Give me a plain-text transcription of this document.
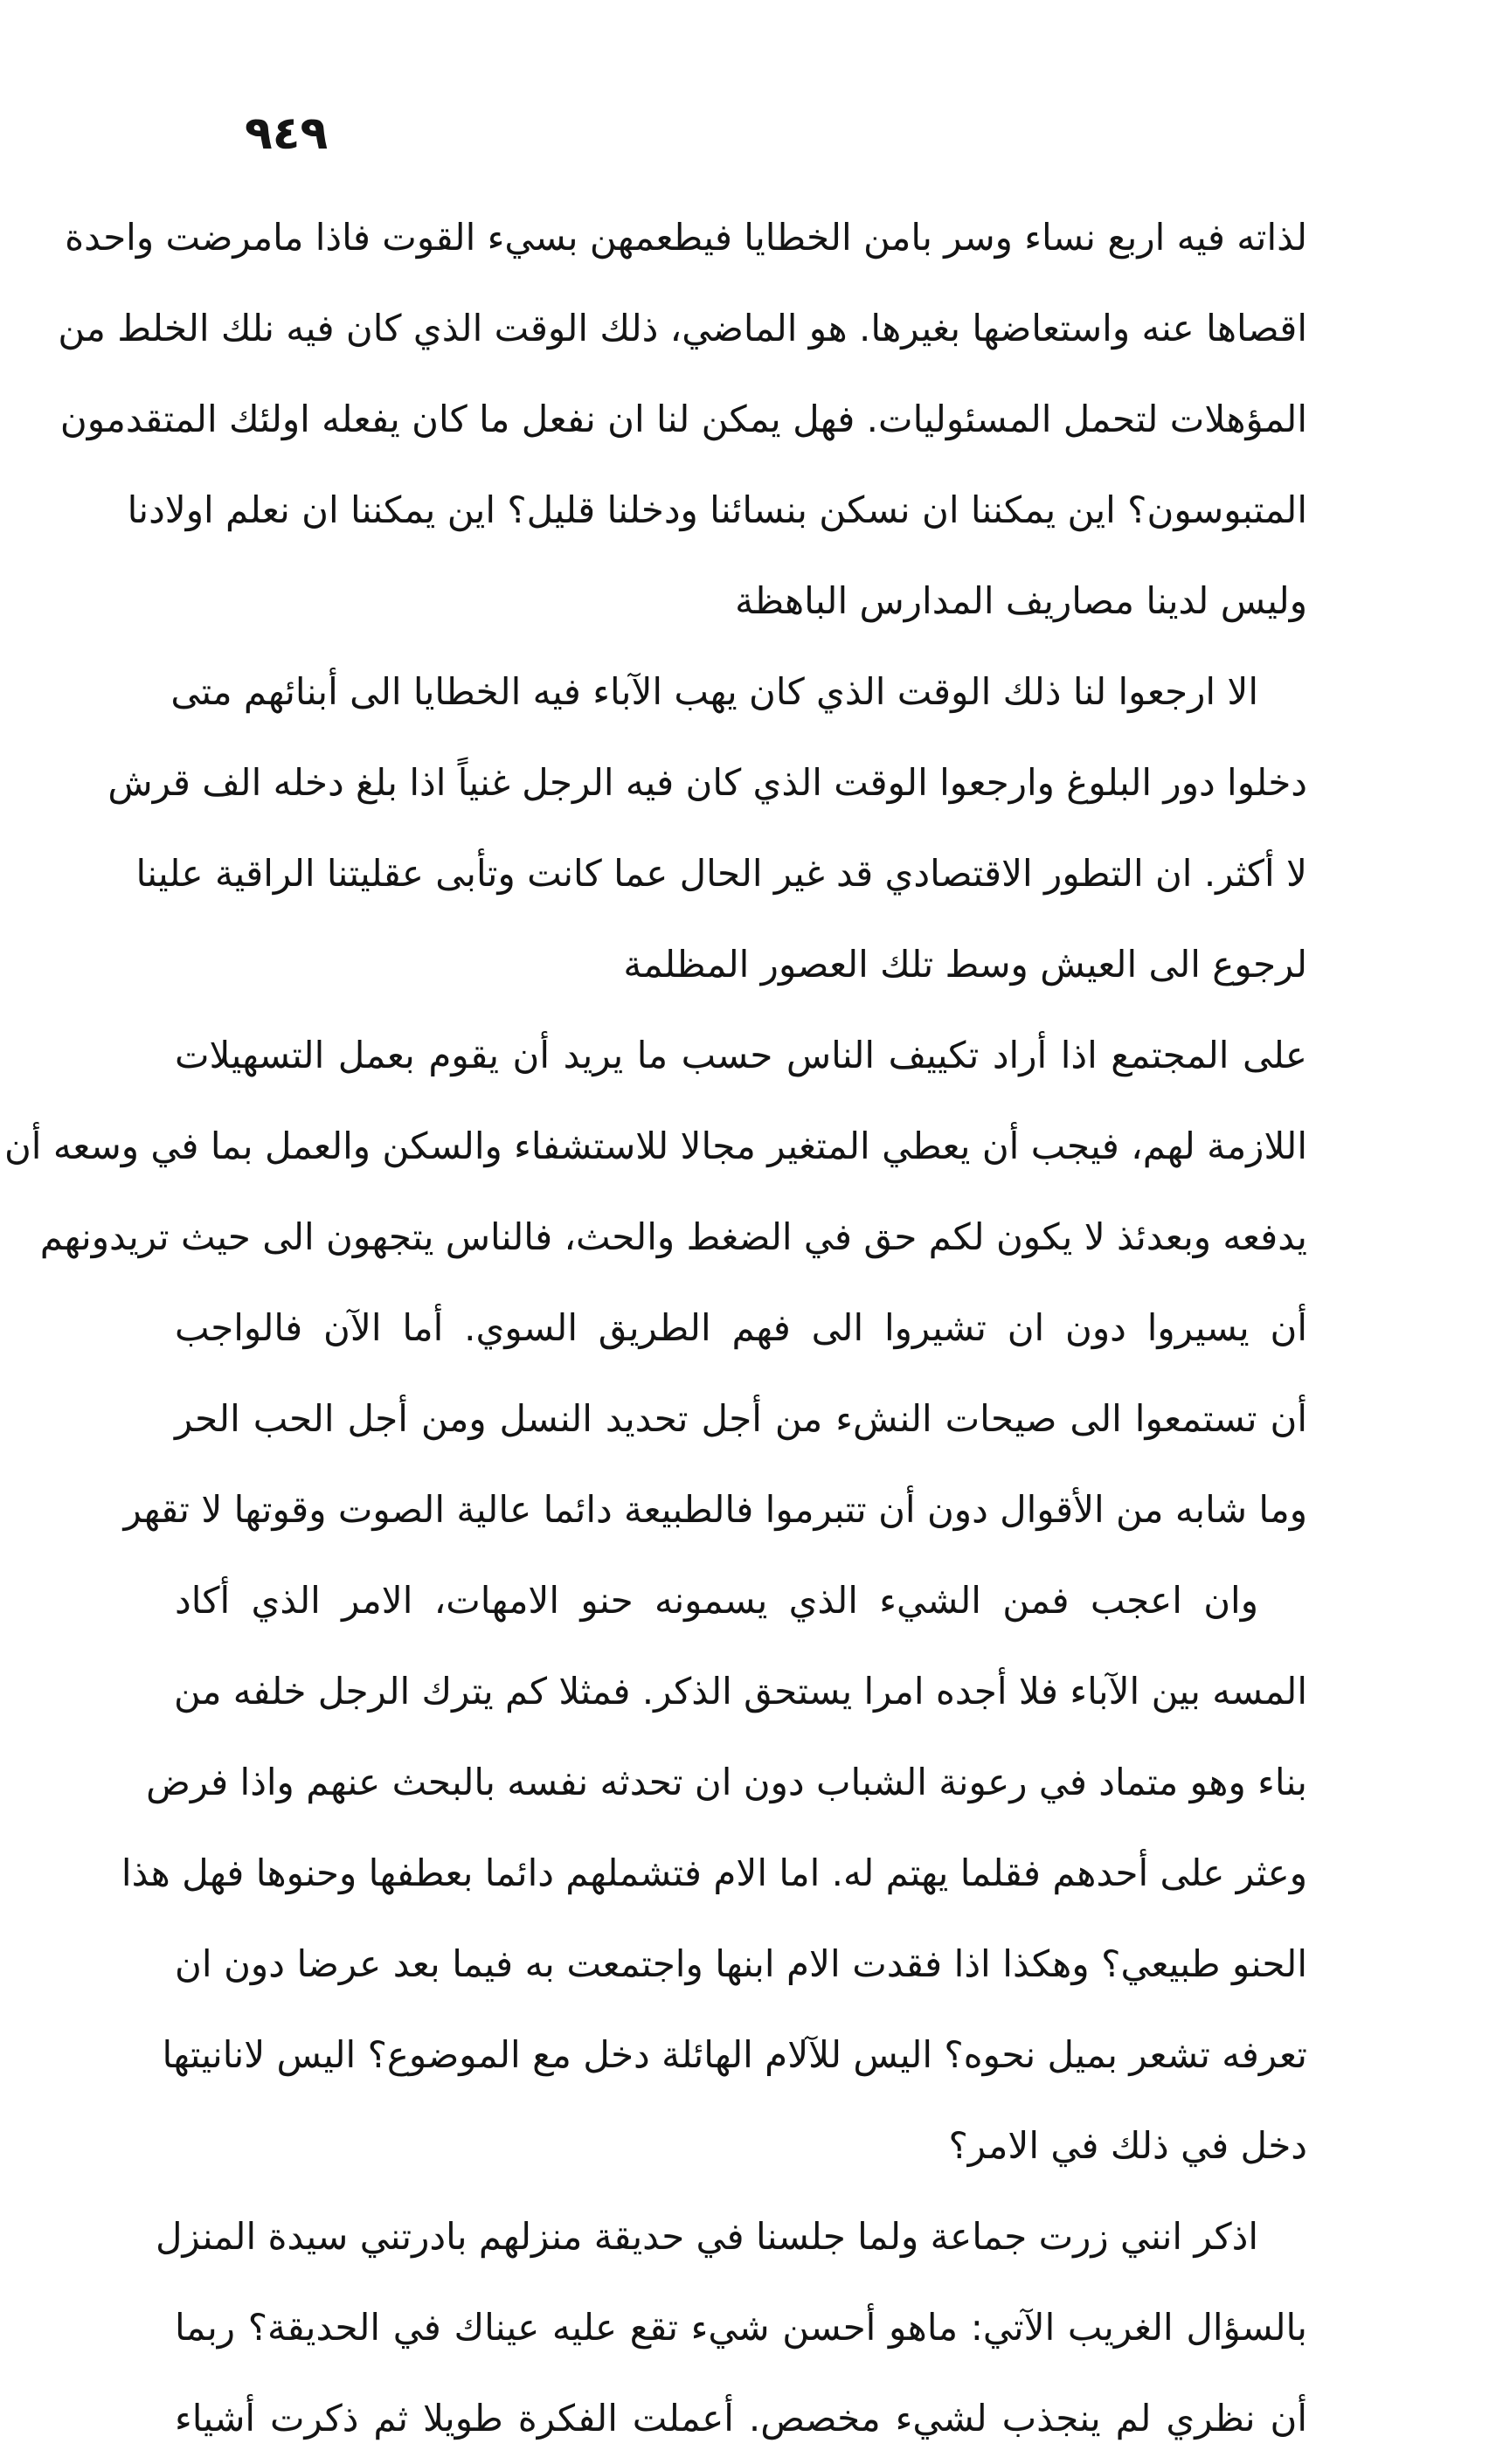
٩٤٩
لذاته فيه اربع نساء وسر بامن الخطايا فيطعمهن بسيء القوت فاذا مامرضت واحدة
اقصاها عنه واستعاضها بغيرها. هو الماضي، ذلك الوقت الذي كان فيه نلك الخلط من
المؤهلات لتحمل المسئوليات. فهل يمكن لنا ان نفعل ما كان يفعله اولئك المتقدمون
المتبوسون؟ اين يمكننا ان نسكن بنسائنا ودخلنا قليل؟ اين يمكننا ان نعلم اولادنا
وليس لدينا مصاريف المدارس الباهظة
الا ارجعوا لنا ذلك الوقت الذي كان يهب الآباء فيه الخطايا الى أبنائهم متى
دخلوا دور البلوغ وارجعوا الوقت الذي كان فيه الرجل غنياً اذا بلغ دخله الف قرش
لا أكثر. ان التطور الاقتصادي قد غير الحال عما كانت وتأبى عقليتنا الراقية علينا
لرجوع الى العيش وسط تلك العصور المظلمة
على المجتمع اذا أراد تكييف الناس حسب ما يريد أن يقوم بعمل التسهيلات
اللازمة لهم، فيجب أن يعطي المتغير مجالا للاستشفاء والسكن والعمل بما في وسعه أن
يدفعه وبعدئذ لا يكون لكم حق في الضغط والحث، فالناس يتجهون الى حيث تريدونهم
أن يسيروا دون ان تشيروا الى فهم الطريق السوي. أما الآن فالواجب
أن تستمعوا الى صيحات النشء من أجل تحديد النسل ومن أجل الحب الحر
وما شابه من الأقوال دون أن تتبرموا فالطبيعة دائما عالية الصوت وقوتها لا تقهر
وان اعجب فمن الشيء الذي يسمونه حنو الامهات، الامر الذي أكاد
المسه بين الآباء فلا أجده امرا يستحق الذكر. فمثلا كم يترك الرجل خلفه من
بناء وهو متماد في رعونة الشباب دون ان تحدثه نفسه بالبحث عنهم واذا فرض
وعثر على أحدهم فقلما يهتم له. اما الام فتشملهم دائما بعطفها وحنوها فهل هذا
الحنو طبيعي؟ وهكذا اذا فقدت الام ابنها واجتمعت به فيما بعد عرضا دون ان
تعرفه تشعر بميل نحوه؟ اليس للآلام الهائلة دخل مع الموضوع؟ اليس لانانيتها
دخل في ذلك في الامر؟
اذكر انني زرت جماعة ولما جلسنا في حديقة منزلهم بادرتني سيدة المنزل
بالسؤال الغريب الآتي: ماهو أحسن شيء تقع عليه عيناك في الحديقة؟ ربما
أن نظري لم ينجذب لشيء مخصص. أعملت الفكرة طويلا ثم ذكرت أشياء
